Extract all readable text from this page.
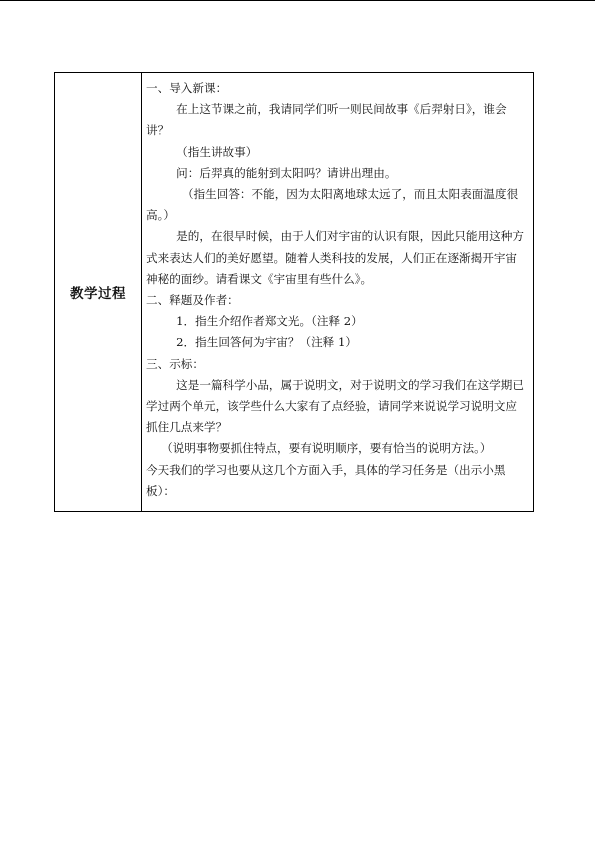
教学过程

一、导入新课：

在上这节课之前，我请同学们听一则民间故事《后羿射日》，谁会讲？

（指生讲故事）

问：后羿真的能射到太阳吗？请讲出理由。

（指生回答：不能，因为太阳离地球太远了，而且太阳表面温度很高。）

是的，在很早时候，由于人们对宇宙的认识有限，因此只能用这种方式来表达人们的美好愿望。随着人类科技的发展，人们正在逐渐揭开宇宙神秘的面纱。请看课文《宇宙里有些什么》。

二、释题及作者：

1．指生介绍作者郑文光。（注释 2）

2．指生回答何为宇宙？（注释 1）

三、示标：

这是一篇科学小品，属于说明文，对于说明文的学习我们在这学期已学过两个单元，该学些什么大家有了点经验，请同学来说说学习说明文应抓住几点来学？

（说明事物要抓住特点，要有说明顺序，要有恰当的说明方法。）

今天我们的学习也要从这几个方面入手，具体的学习任务是（出示小黑板）：
